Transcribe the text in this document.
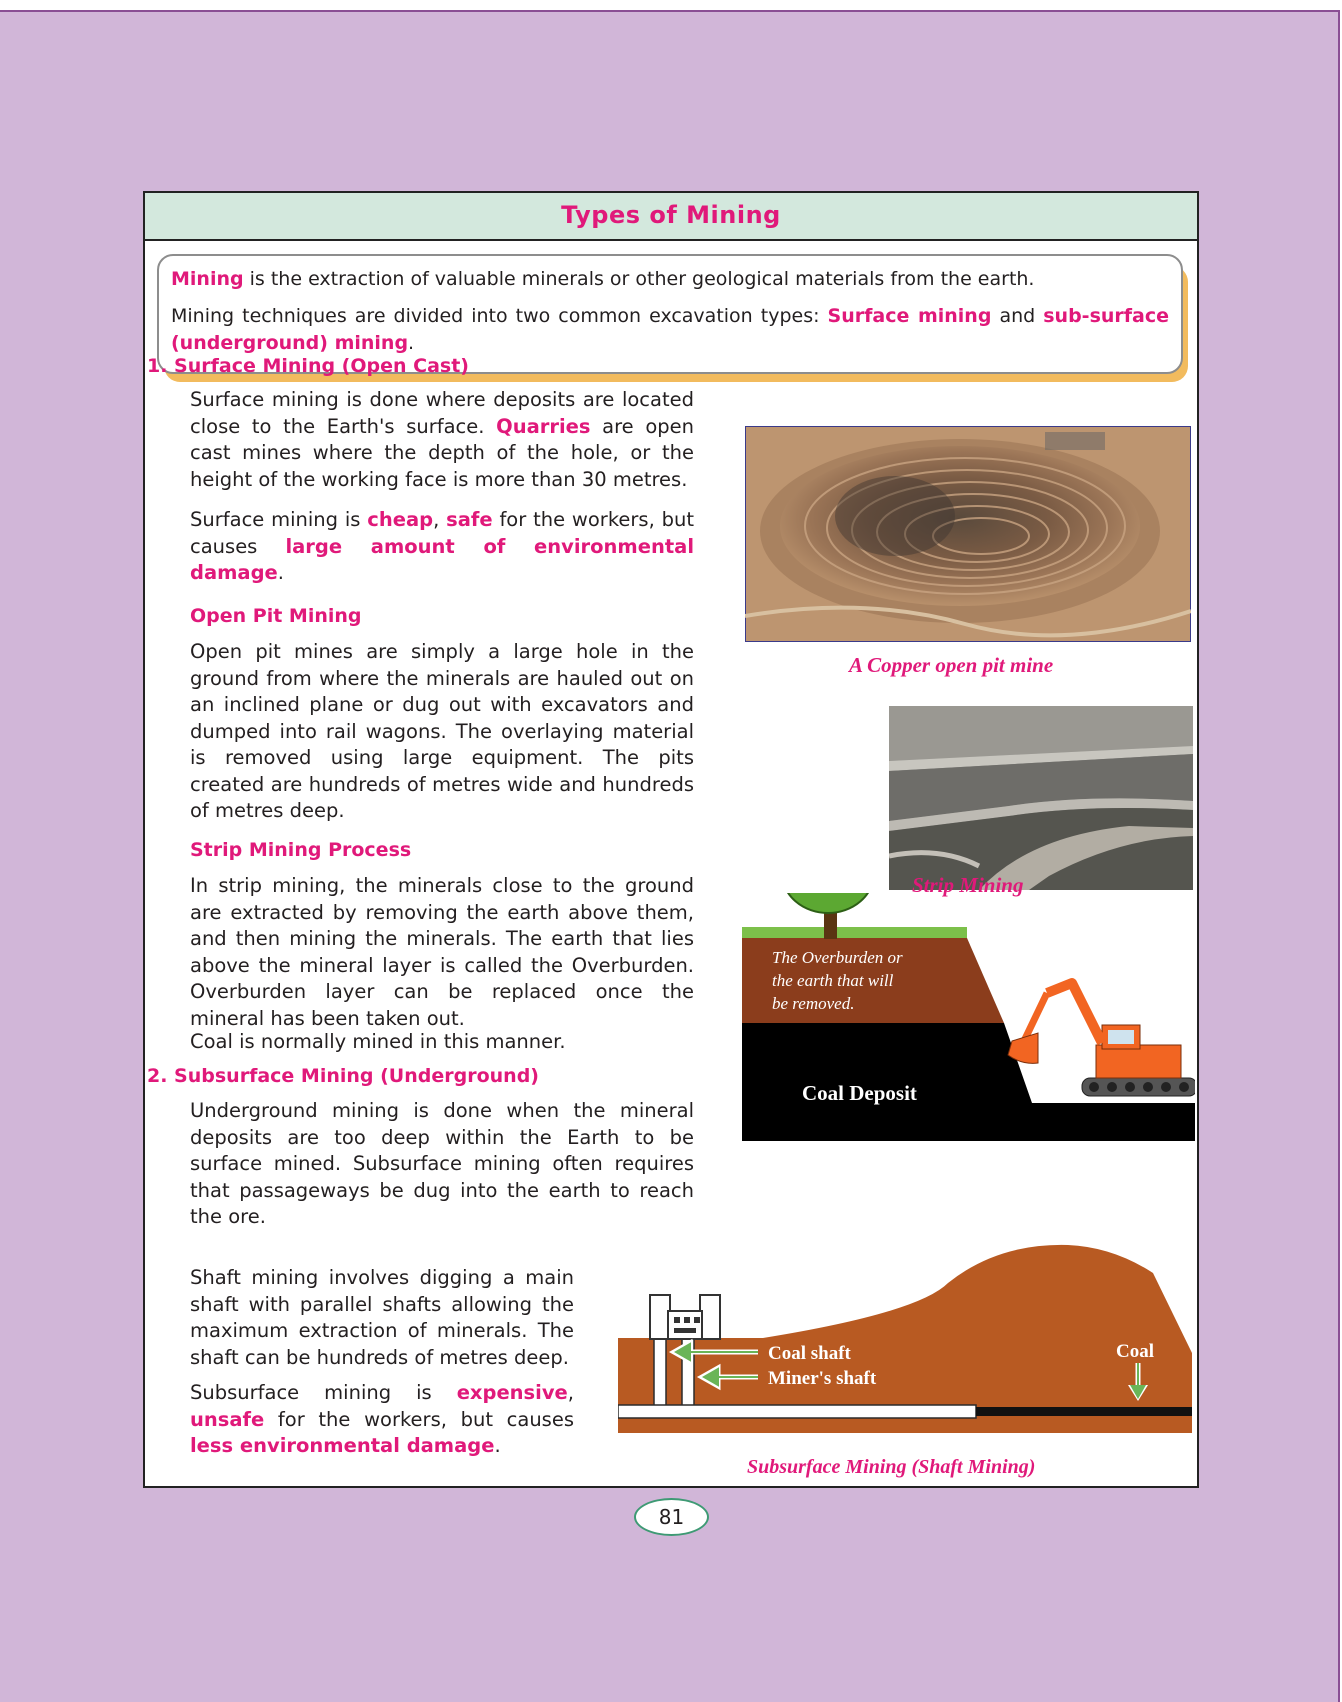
Types of Mining

Mining is the extraction of valuable minerals or other geological materials from the earth.

Mining techniques are divided into two common excavation types: Surface mining and sub-surface (underground) mining.

1. Surface Mining (Open Cast)

Surface mining is done where deposits are located close to the Earth's surface. Quarries are open cast mines where the depth of the hole, or the height of the working face is more than 30 metres.

Surface mining is cheap, safe for the workers, but causes large amount of environmental damage.

Open Pit Mining
Open pit mines are simply a large hole in the ground from where the minerals are hauled out on an inclined plane or dug out with excavators and dumped into rail wagons. The overlaying material is removed using large equipment. The pits created are hundreds of metres wide and hundreds of metres deep.
Strip Mining Process
In strip mining, the minerals close to the ground are extracted by removing the earth above them, and then mining the minerals. The earth that lies above the mineral layer is called the Overburden. Overburden layer can be replaced once the mineral has been taken out.
Coal is normally mined in this manner.
2. Subsurface Mining (Underground)
Underground mining is done when the mineral deposits are too deep within the Earth to be surface mined. Subsurface mining often requires that passageways be dug into the earth to reach the ore.
Shaft mining involves digging a main shaft with parallel shafts allowing the maximum extraction of minerals. The shaft can be hundreds of metres deep.

Subsurface mining is expensive, unsafe for the workers, but causes less environmental damage.

A Copper open pit mine
The Overburden or
the earth that will
be removed.
Coal Deposit
Strip Mining
Coal shaft
Miner's shaft
Coal
Subsurface Mining (Shaft Mining)
81
